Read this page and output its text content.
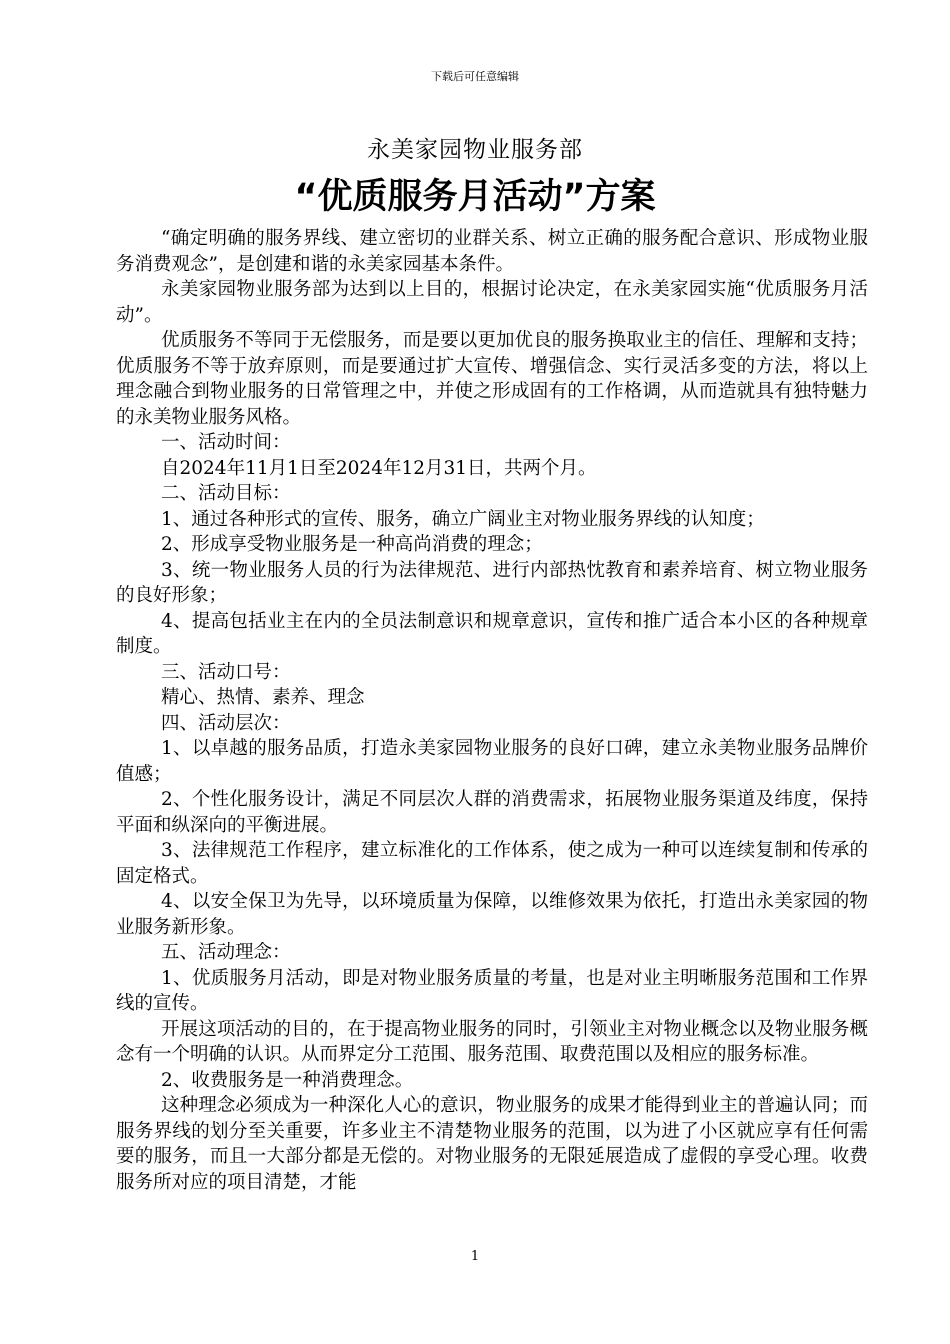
下载后可任意编辑
永美家园物业服务部
“优质服务月活动”方案

“确定明确的服务界线、建立密切的业群关系、树立正确的服务配合意识、形成物业服务消费观念”，是创建和谐的永美家园基本条件。

永美家园物业服务部为达到以上目的，根据讨论决定，在永美家园实施“优质服务月活动”。

优质服务不等同于无偿服务，而是要以更加优良的服务换取业主的信任、理解和支持；优质服务不等于放弃原则，而是要通过扩大宣传、增强信念、实行灵活多变的方法，将以上理念融合到物业服务的日常管理之中，并使之形成固有的工作格调，从而造就具有独特魅力的永美物业服务风格。

一、活动时间：

自2024年11月1日至2024年12月31日，共两个月。

二、活动目标：

1、通过各种形式的宣传、服务，确立广阔业主对物业服务界线的认知度；

2、形成享受物业服务是一种高尚消费的理念；

3、统一物业服务人员的行为法律规范、进行内部热忱教育和素养培育、树立物业服务的良好形象；

4、提高包括业主在内的全员法制意识和规章意识，宣传和推广适合本小区的各种规章制度。

三、活动口号：

精心、热情、素养、理念

四、活动层次：

1、以卓越的服务品质，打造永美家园物业服务的良好口碑，建立永美物业服务品牌价值感；

2、个性化服务设计，满足不同层次人群的消费需求，拓展物业服务渠道及纬度，保持平面和纵深向的平衡进展。

3、法律规范工作程序，建立标准化的工作体系，使之成为一种可以连续复制和传承的固定格式。

4、以安全保卫为先导，以环境质量为保障，以维修效果为依托，打造出永美家园的物业服务新形象。

五、活动理念：

1、优质服务月活动，即是对物业服务质量的考量，也是对业主明晰服务范围和工作界线的宣传。

开展这项活动的目的，在于提高物业服务的同时，引领业主对物业概念以及物业服务概念有一个明确的认识。从而界定分工范围、服务范围、取费范围以及相应的服务标准。

2、收费服务是一种消费理念。

这种理念必须成为一种深化人心的意识，物业服务的成果才能得到业主的普遍认同；而服务界线的划分至关重要，许多业主不清楚物业服务的范围，以为进了小区就应享有任何需要的服务，而且一大部分都是无偿的。对物业服务的无限延展造成了虚假的享受心理。收费服务所对应的项目清楚，才能

1
